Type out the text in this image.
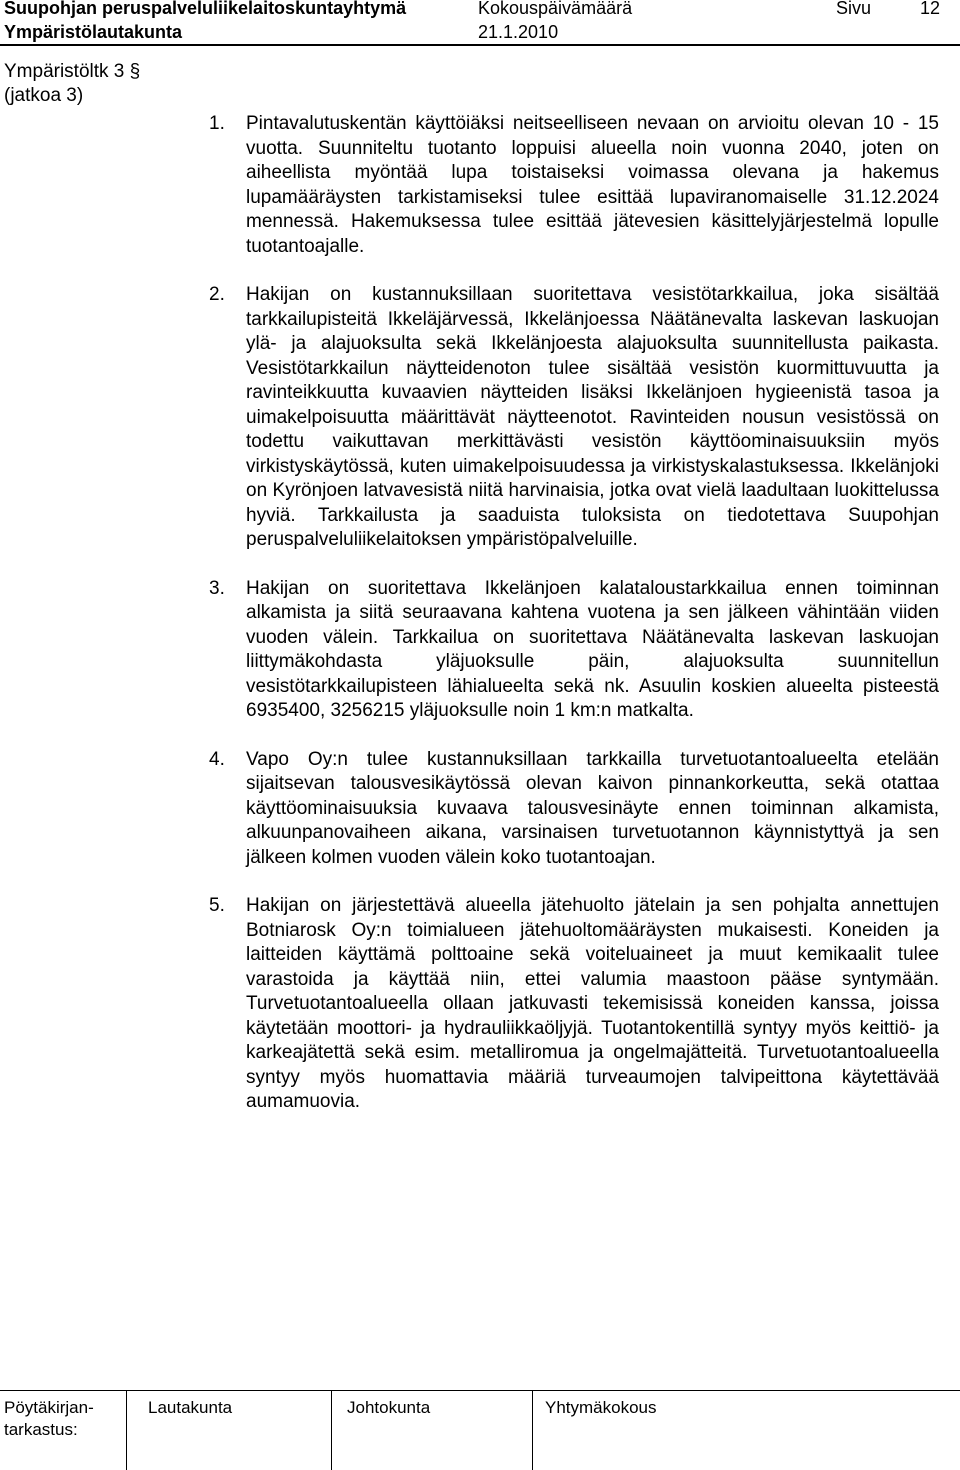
Suupohjan peruspalveluliikelaitoskuntayhtymä
Ympäristölautakunta
Kokouspäivämäärä
21.1.2010
Sivu	12
Ympäristöltk 3 §
(jatkoa 3)
1. Pintavalutuskentän käyttöiäksi neitseelliseen nevaan on arvioitu olevan 10 - 15 vuotta. Suunniteltu tuotanto loppuisi alueella noin vuonna 2040, joten on aiheellista myöntää lupa toistaiseksi voimassa olevana ja hakemus lupamääräysten tarkistamiseksi tulee esittää lupaviranomaiselle 31.12.2024 mennessä. Hakemuksessa tulee esittää jätevesien käsittelyjärjestelmä lopulle tuotantoajalle.

2. Hakijan on kustannuksillaan suoritettava vesistötarkkailua, joka sisältää tarkkailupisteitä Ikkeläjärvessä, Ikkelänjoessa Näätänevalta laskevan laskuojan ylä- ja alajuoksulta sekä Ikkelänjoesta alajuoksulta suunnitellusta paikasta. Vesistötarkkailun näytteidenoton tulee sisältää vesistön kuormittuvuutta ja ravinteikkuutta kuvaavien näytteiden lisäksi Ikkelänjoen hygieenistä tasoa ja uimakelpoisuutta määrittävät näytteenotot. Ravinteiden nousun vesistössä on todettu vaikuttavan merkittävästi vesistön käyttöominaisuuksiin myös virkistyskäytössä, kuten uimakelpoisuudessa ja virkistyskalastuksessa. Ikkelänjoki on Kyrönjoen latvavesistä niitä harvinaisia, jotka ovat vielä laadultaan luokittelussa hyviä. Tarkkailusta ja saaduista tuloksista on tiedotettava Suupohjan peruspalveluliikelaitoksen ympäristöpalveluille.

3. Hakijan on suoritettava Ikkelänjoen kalataloustarkkailua ennen toiminnan alkamista ja siitä seuraavana kahtena vuotena ja sen jälkeen vähintään viiden vuoden välein. Tarkkailua on suoritettava Näätänevalta laskevan laskuojan liittymäkohdasta yläjuoksulle päin, alajuoksulta suunnitellun vesistötarkkailupisteen lähialueelta sekä nk. Asuulin koskien alueelta pisteestä 6935400, 3256215 yläjuoksulle noin 1 km:n matkalta.

4. Vapo Oy:n tulee kustannuksillaan tarkkailla turvetuotantoalueelta etelään sijaitsevan talousvesikäytössä olevan kaivon pinnankorkeutta, sekä otattaa käyttöominaisuuksia kuvaava talousvesinäyte ennen toiminnan alkamista, alkuunpanovaiheen aikana, varsinaisen turvetuotannon käynnistyttyä ja sen jälkeen kolmen vuoden välein koko tuotantoajan.

5. Hakijan on järjestettävä alueella jätehuolto jätelain ja sen pohjalta annettujen Botniarosk Oy:n toimialueen jätehuoltomääräysten mukaisesti. Koneiden ja laitteiden käyttämä polttoaine sekä voiteluaineet ja muut kemikaalit tulee varastoida ja käyttää niin, ettei valumia maastoon pääse syntymään. Turvetuotantoalueella ollaan jatkuvasti tekemisissä koneiden kanssa, joissa käytetään moottori- ja hydrauliikkaöljyjä. Tuotantokentillä syntyy myös keittiö- ja karkeajätettä sekä esim. metalliromua ja ongelmajätteitä. Turvetuotantoalueella syntyy myös huomattavia määriä turveaumojen talvipeittona käytettävää aumamuovia.

Pöytäkirjan-
tarkastus:
Lautakunta	Johtokunta	Yhtymäkokous
